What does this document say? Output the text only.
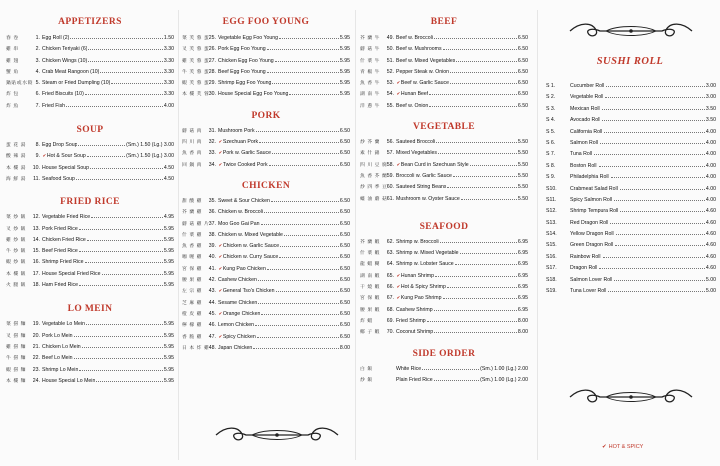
APPETIZERS
春 卷	1. Egg Roll (2)	1.50
雞 串	2. Chicken Teriyaki (6)	3.30
雞 翅	3. Chicken Wings (10)	3.30
蟹 角	4. Crab Meat Rangoon (10)	3.30
鍋貼或水餃 5. Steam or Fried Dumpling (10)	3.30
炸 包	6. Fried Biscuits (10)	3.30
炸 魚	7. Fried Fish	4.00
SOUP
蛋 花 湯	8. Egg Drop Soup	(Sm.) 1.50 (Lg.) 3.00
酸 辣 湯	9. ✔ Hot & Sour Soup	(Sm.) 1.50 (Lg.) 3.00
本 樓 湯	10. House Special Soup	4.50
海 鮮 湯	11. Seafood Soup	4.50
FRIED RICE
菜 炒 飯	12. Vegetable Fried Rice	4.95
叉 炒 飯	13. Pork Fried Rice	5.95
雞 炒 飯	14. Chicken Fried Rice	5.95
牛 炒 飯	15. Beef Fried Rice	5.95
蝦 炒 飯	16. Shrimp Fried Rice	5.95
本 樓 飯	17. House Special Fried Rice	5.95
火 腿 飯	18. Ham Fried Rice	5.95
LO MEIN
菜 撈 麵	19. Vegetable Lo Mein	5.95
叉 撈 麵	20. Pork Lo Mein	5.95
雞 撈 麵	21. Chicken Lo Mein	5.95
牛 撈 麵	22. Beef Lo Mein	5.95
蝦 撈 麵	23. Shrimp Lo Mein	5.95
本 樓 麵	24. House Special Lo Mein	5.95
EGG FOO YOUNG
菜 芙 蓉 蛋 25. Vegetable Egg Foo Young	5.95
叉 芙 蓉 蛋 26. Pork Egg Foo Young	5.95
雞 芙 蓉 蛋 27. Chicken Egg Foo Young	5.95
牛 芙 蓉 蛋 28. Beef Egg Foo Young	5.95
蝦 芙 蓉 蛋 29. Shrimp Egg Foo Young	5.95
本 樓 芙 蓉 30. House Special Egg Foo Young	5.95
PORK
蘑 菇 肉	31. Mushroom Pork	6.50
四 川 肉	32. ✔ Szechuan Pork	6.50
魚 香 肉	33. ✔ Pork w. Garlic Sauce	6.50
回 鍋 肉	34. ✔ Twice Cooked Pork	6.50
CHICKEN
甜 酸 雞	35. Sweet & Sour Chicken	6.50
芥 蘭 雞	36. Chicken w. Broccoli	6.50
蘑 菇 雞 片 37. Moo Goo Gai Pan	6.50
什 菜 雞	38. Chicken w. Mixed Vegetable	6.50
魚 香 雞	39. ✔ Chicken w. Garlic Sauce	6.50
咖 喱 雞	40. ✔ Chicken w. Curry Sauce	6.50
宮 保 雞	41. ✔ Kung Pao Chicken	6.50
腰 果 雞	42. Cashew Chicken	6.50
左 宗 雞	43. ✔ General Tso's Chicken	6.50
芝 麻 雞	44. Sesame Chicken	6.50
橙 皮 雞	45. ✔ Orange Chicken	6.50
檸 檬 雞	46. Lemon Chicken	6.50
香 脆 雞	47. ✔ Spicy Chicken	6.50
日 本 炸 雞 48. Japan Chicken	8.00
BEEF
芥 蘭 牛	49. Beef w. Broccoli	6.50
蘑 菇 牛	50. Beef w. Mushrooms	6.50
什 菜 牛	51. Beef w. Mixed Vegetables	6.50
青 椒 牛	52. Pepper Steak w. Onion	6.50
魚 香 牛	53. ✔ Beef w. Garlic Sauce	6.50
湖 南 牛	54. ✔ Hunan Beef	6.50
洋 蔥 牛	55. Beef w. Onion	6.50
VEGETABLE
炒 芥 蘭	56. Sauteed Broccoli	5.50
素 什 錦	57. Mixed Vegetables	5.50
四 川 豆 腐 58. ✔ Bean Curd in Szechuan Style	5.50
魚 香 芥 蘭 59. Broccoli w. Garlic Sauce	5.50
炒 四 季 豆 60. Sauteed String Beans	5.50
蠔 油 蘑 菇 61. Mushroom w. Oyster Sauce	5.50
SEAFOOD
芥 蘭 蝦	62. Shrimp w. Broccoli	6.95
什 菜 蝦	63. Shrimp w. Mixed Vegetable	6.95
龍 蝦 糊	64. Shrimp w. Lobster Sauce	6.95
湖 南 蝦	65. ✔ Hunan Shrimp	6.95
干 燒 蝦	66. ✔ Hot & Spicy Shrimp	6.95
宮 保 蝦	67. ✔ Kung Pao Shrimp	6.95
腰 果 蝦	68. Cashew Shrimp	6.95
炸 蝦	69. Fried Shrimp	8.00
椰 子 蝦	70. Coconut Shrimp	8.00
SIDE ORDER
白 飯	White Rice	(Sm.) 1.00 (Lg.) 2.00
炒 飯	Plain Fried Rice	(Sm.) 1.00 (Lg.) 2.00
SUSHI ROLL
S 1.	Cucumber Roll	3.00
S 2.	Vegetable Roll	3.00
S 3.	Mexican Roll	3.50
S 4.	Avocado Roll	3.50
S 5.	California Roll	4.00
S 6.	Salmon Roll	4.00
S 7.	Tuna Roll	4.00
S 8.	Boston Roll	4.00
S 9.	Philadelphia Roll	4.00
S10.	Crabmeat Salad Roll	4.00
S11.	Spicy Salmon Roll	4.00
S12.	Shrimp Tempura Roll	4.60
S13.	Red Dragon Roll	4.60
S14.	Yellow Dragon Roll	4.60
S15.	Green Dragon Roll	4.60
S16.	Rainbow Roll	4.60
S17.	Dragon Roll	4.60
S18.	Salmon Lover Roll	5.00
S19.	Tuna Lover Roll	5.00
✔ HOT & SPICY
